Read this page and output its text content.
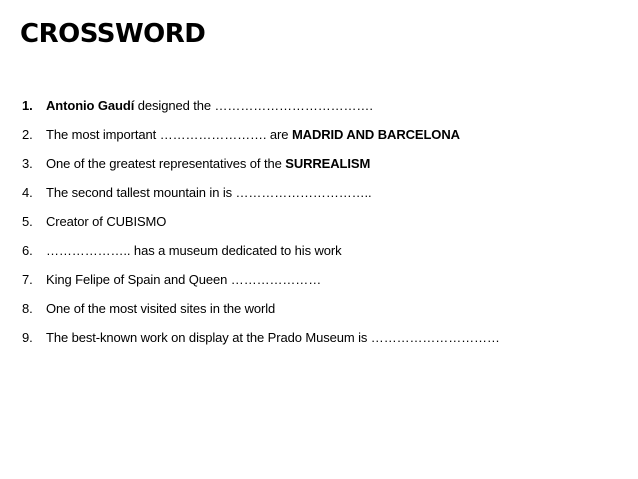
CROSSWORD
1. Antonio Gaudí designed the ……………………………….
2. The most important ……………………. are MADRID AND BARCELONA
3. One of the greatest representatives of the SURREALISM
4. The second tallest mountain in is …………………………..
5. Creator of CUBISMO
6. ……………….. has a museum dedicated to his work
7. King Felipe of Spain and Queen …………………
8. One of the most visited sites in the world
9. The best-known work on display at the Prado Museum is …………………………
